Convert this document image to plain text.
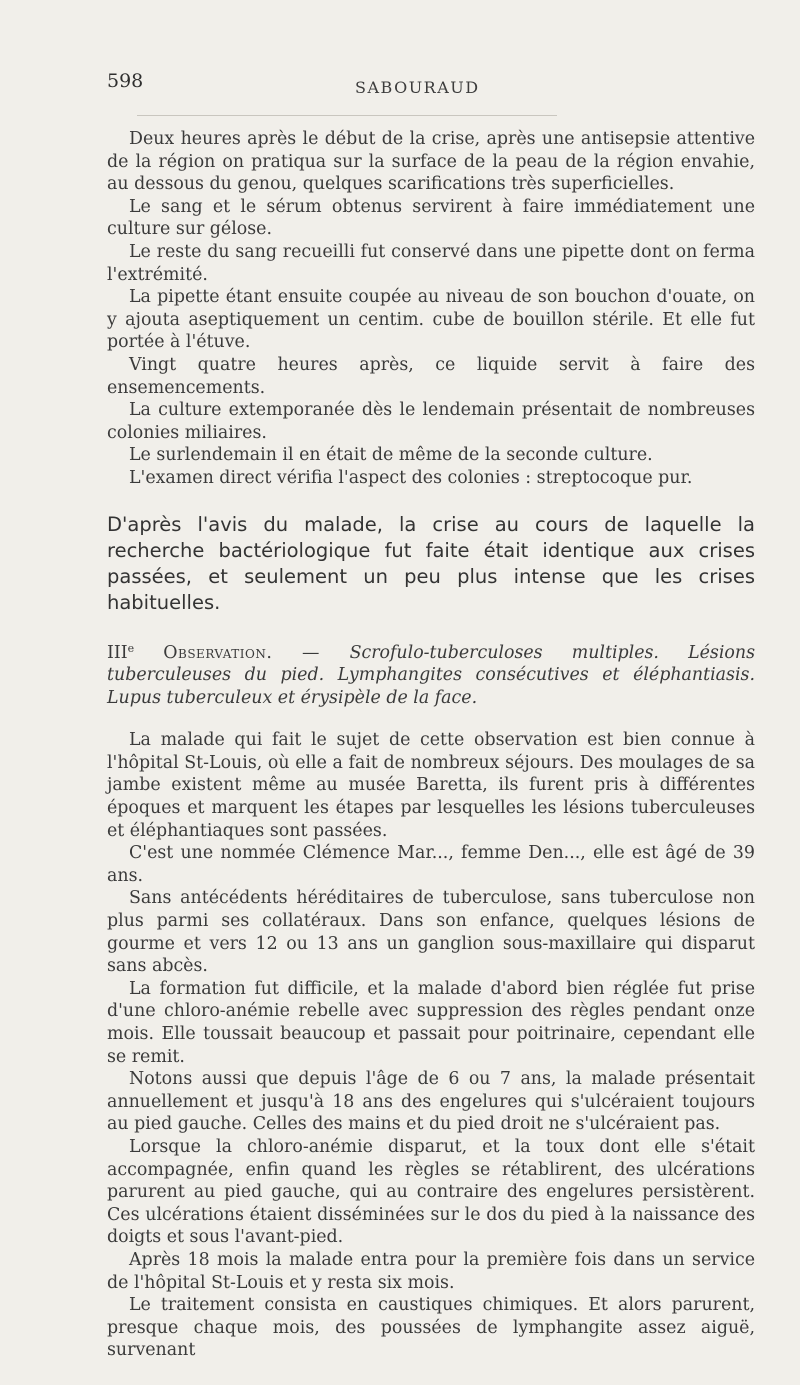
598	SABOURAUD

Deux heures après le début de la crise, après une antisepsie attentive de la région on pratiqua sur la surface de la peau de la région envahie, au dessous du genou, quelques scarifications très superficielles.

Le sang et le sérum obtenus servirent à faire immédiatement une culture sur gélose.

Le reste du sang recueilli fut conservé dans une pipette dont on ferma l'extrémité.

La pipette étant ensuite coupée au niveau de son bouchon d'ouate, on y ajouta aseptiquement un centim. cube de bouillon stérile. Et elle fut portée à l'étuve.

Vingt quatre heures après, ce liquide servit à faire des ensemencements.

La culture extemporanée dès le lendemain présentait de nombreuses colonies miliaires.

Le surlendemain il en était de même de la seconde culture.

L'examen direct vérifia l'aspect des colonies : streptocoque pur.

D'après l'avis du malade, la crise au cours de laquelle la recherche bactériologique fut faite était identique aux crises passées, et seulement un peu plus intense que les crises habituelles.

IIIe Observation. — Scrofulo-tuberculoses multiples. Lésions tuberculeuses du pied. Lymphangites consécutives et éléphantiasis. Lupus tuberculeux et érysipèle de la face.

La malade qui fait le sujet de cette observation est bien connue à l'hôpital St-Louis, où elle a fait de nombreux séjours. Des moulages de sa jambe existent même au musée Baretta, ils furent pris à différentes époques et marquent les étapes par lesquelles les lésions tuberculeuses et éléphantiaques sont passées.

C'est une nommée Clémence Mar..., femme Den..., elle est âgé de 39 ans.

Sans antécédents héréditaires de tuberculose, sans tuberculose non plus parmi ses collatéraux. Dans son enfance, quelques lésions de gourme et vers 12 ou 13 ans un ganglion sous-maxillaire qui disparut sans abcès.

La formation fut difficile, et la malade d'abord bien réglée fut prise d'une chloro-anémie rebelle avec suppression des règles pendant onze mois. Elle toussait beaucoup et passait pour poitrinaire, cependant elle se remit.

Notons aussi que depuis l'âge de 6 ou 7 ans, la malade présentait annuellement et jusqu'à 18 ans des engelures qui s'ulcéraient toujours au pied gauche. Celles des mains et du pied droit ne s'ulcéraient pas.

Lorsque la chloro-anémie disparut, et la toux dont elle s'était accompagnée, enfin quand les règles se rétablirent, des ulcérations parurent au pied gauche, qui au contraire des engelures persistèrent. Ces ulcérations étaient disséminées sur le dos du pied à la naissance des doigts et sous l'avant-pied.

Après 18 mois la malade entra pour la première fois dans un service de l'hôpital St-Louis et y resta six mois.

Le traitement consista en caustiques chimiques. Et alors parurent, presque chaque mois, des poussées de lymphangite assez aiguë, survenant
